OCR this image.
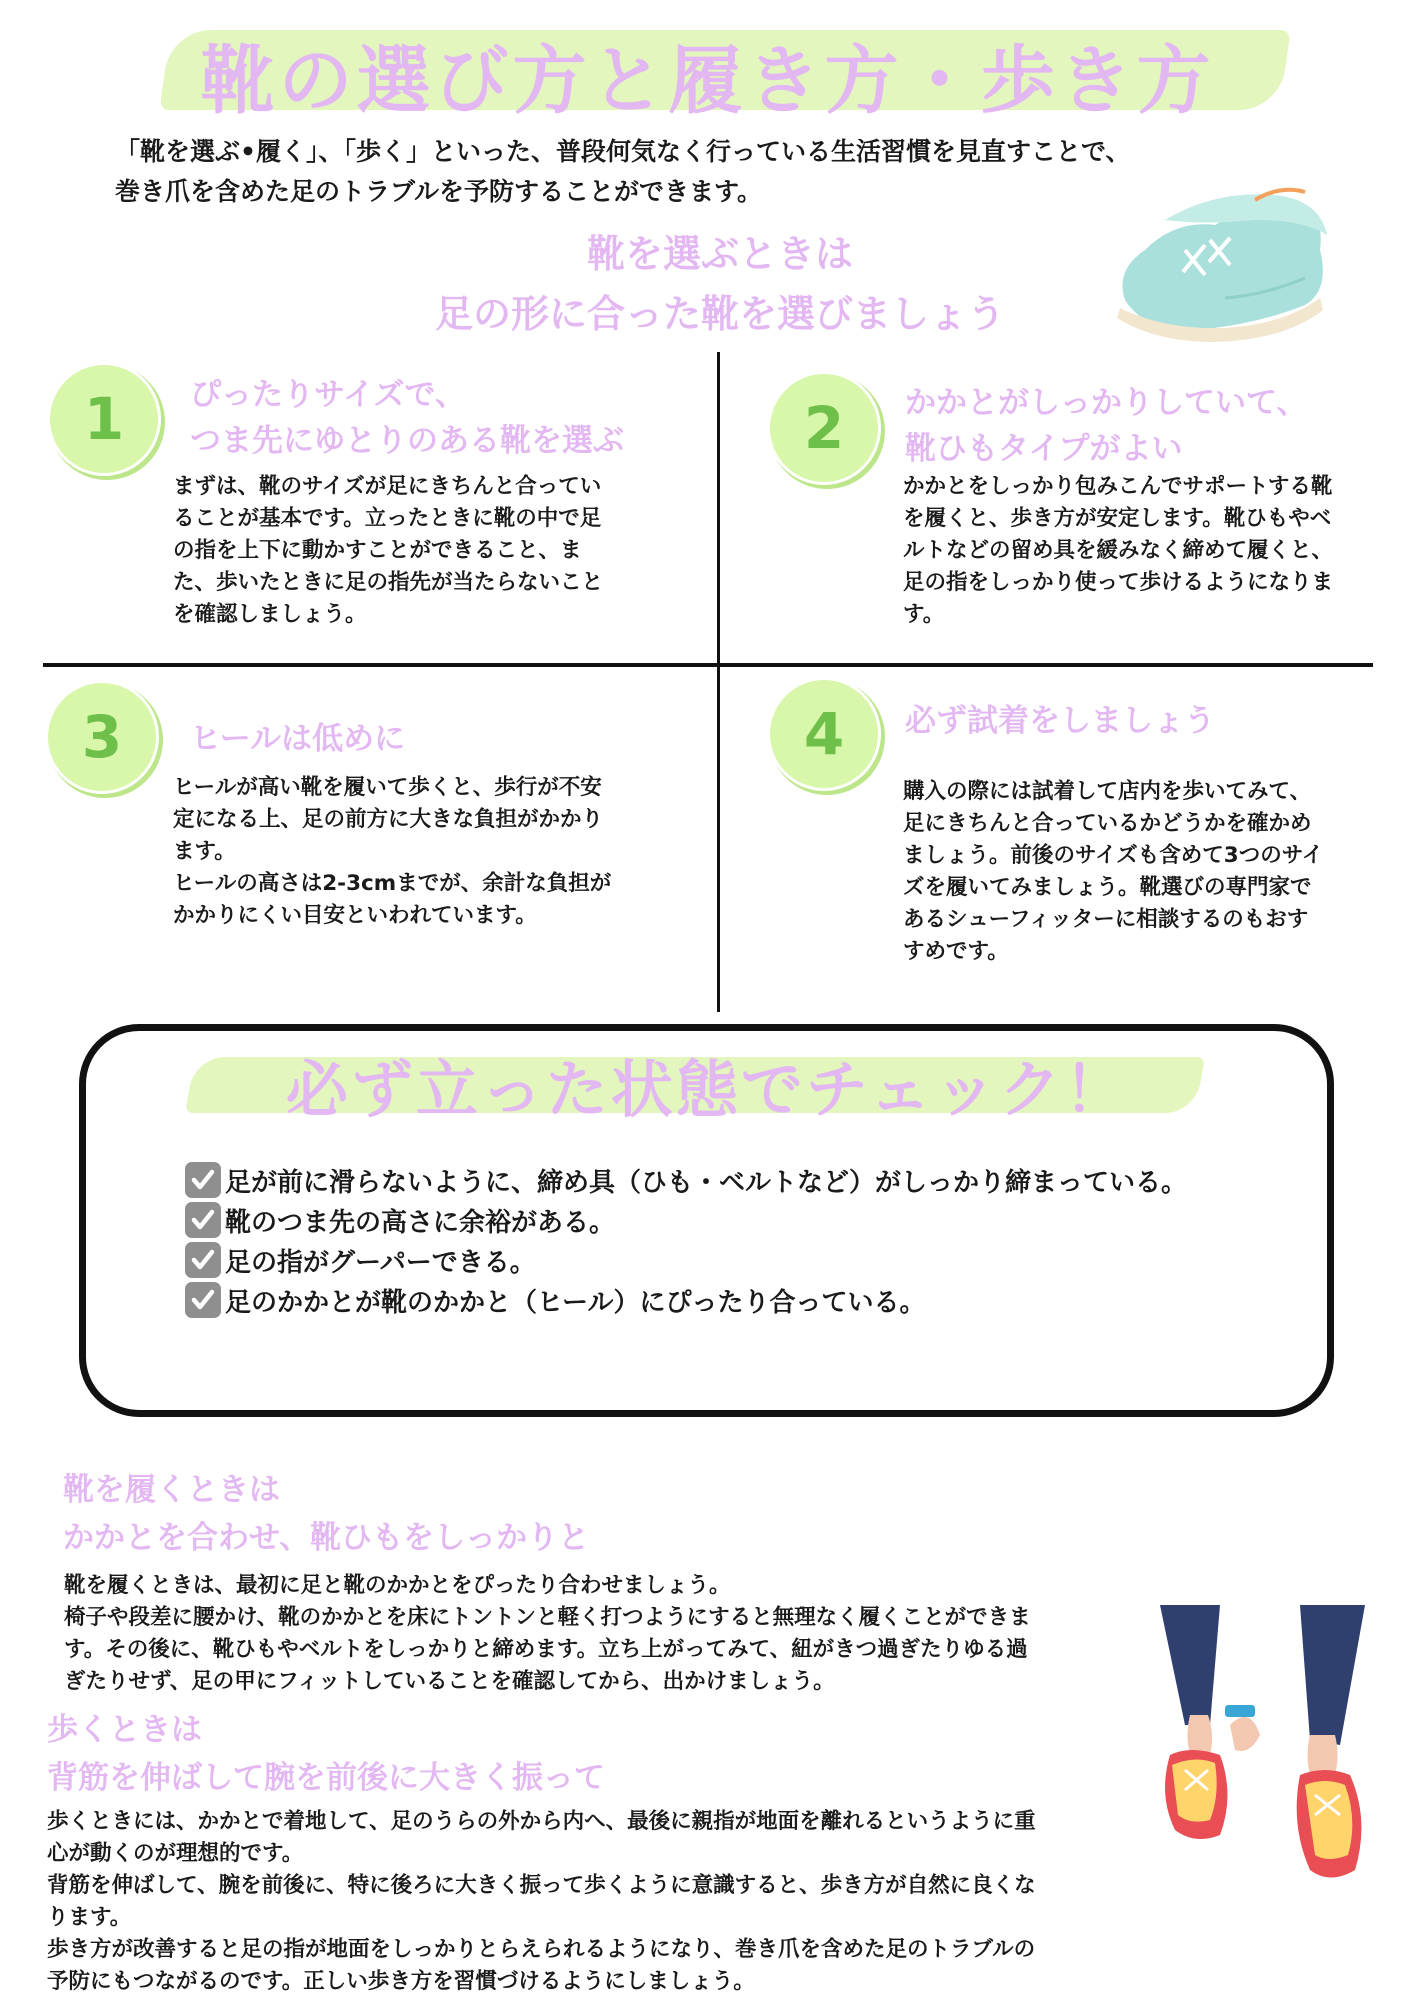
靴の選び方と履き方・歩き方
「靴を選ぶ•履く」、「歩く」といった、普段何気なく行っている生活習慣を見直すことで、
巻き爪を含めた足のトラブルを予防することができます。
靴を選ぶときは
足の形に合った靴を選びましょう
1	ぴったりサイズで、
つま先にゆとりのある靴を選ぶ
まずは、靴のサイズが足にきちんと合ってい
ることが基本です。立ったときに靴の中で足
の指を上下に動かすことができること、ま
た、歩いたときに足の指先が当たらないこと
を確認しましょう。
2	かかとがしっかりしていて、
靴ひもタイプがよい
かかとをしっかり包みこんでサポートする靴
を履くと、歩き方が安定します。靴ひもやベ
ルトなどの留め具を緩みなく締めて履くと、
足の指をしっかり使って歩けるようになりま
す。
3	ヒールは低めに
ヒールが高い靴を履いて歩くと、歩行が不安
定になる上、足の前方に大きな負担がかかり
ます。
ヒールの高さは2-3cmまでが、余計な負担が
かかりにくい目安といわれています。
4	必ず試着をしましょう
購入の際には試着して店内を歩いてみて、
足にきちんと合っているかどうかを確かめ
ましょう。前後のサイズも含めて3つのサイ
ズを履いてみましょう。靴選びの専門家で
あるシューフィッターに相談するのもおす
すめです。
必ず立った状態でチェック！
足が前に滑らないように、締め具（ひも・ベルトなど）がしっかり締まっている。
靴のつま先の高さに余裕がある。
足の指がグーパーできる。
足のかかとが靴のかかと（ヒール）にぴったり合っている。
靴を履くときは
かかとを合わせ、靴ひもをしっかりと
靴を履くときは、最初に足と靴のかかとをぴったり合わせましょう。
椅子や段差に腰かけ、靴のかかとを床にトントンと軽く打つようにすると無理なく履くことができま
す。その後に、靴ひもやベルトをしっかりと締めます。立ち上がってみて、紐がきつ過ぎたりゆる過
ぎたりせず、足の甲にフィットしていることを確認してから、出かけましょう。
歩くときは
背筋を伸ばして腕を前後に大きく振って
歩くときには、かかとで着地して、足のうらの外から内へ、最後に親指が地面を離れるというように重
心が動くのが理想的です。
背筋を伸ばして、腕を前後に、特に後ろに大きく振って歩くように意識すると、歩き方が自然に良くな
ります。
歩き方が改善すると足の指が地面をしっかりとらえられるようになり、巻き爪を含めた足のトラブルの
予防にもつながるのです。正しい歩き方を習慣づけるようにしましょう。
